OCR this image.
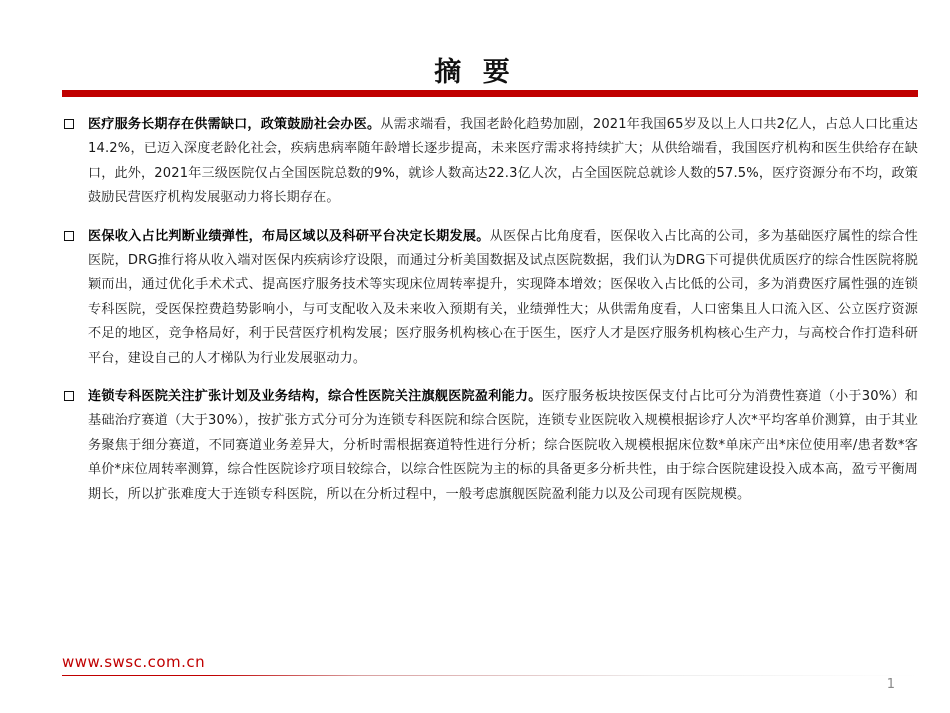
摘 要
医疗服务长期存在供需缺口，政策鼓励社会办医。从需求端看，我国老龄化趋势加剧，2021年我国65岁及以上人口共2亿人，占总人口比重达14.2%，已迈入深度老龄化社会，疾病患病率随年龄增长逐步提高，未来医疗需求将持续扩大；从供给端看，我国医疗机构和医生供给存在缺口，此外，2021年三级医院仅占全国医院总数的9%，就诊人数高达22.3亿人次，占全国医院总就诊人数的57.5%，医疗资源分布不均，政策鼓励民营医疗机构发展驱动力将长期存在。
医保收入占比判断业绩弹性，布局区域以及科研平台决定长期发展。从医保占比角度看，医保收入占比高的公司，多为基础医疗属性的综合性医院，DRG推行将从收入端对医保内疾病诊疗设限，而通过分析美国数据及试点医院数据，我们认为DRG下可提供优质医疗的综合性医院将脱颖而出，通过优化手术术式、提高医疗服务技术等实现床位周转率提升，实现降本增效；医保收入占比低的公司，多为消费医疗属性强的连锁专科医院，受医保控费趋势影响小，与可支配收入及未来收入预期有关，业绩弹性大；从供需角度看，人口密集且人口流入区、公立医疗资源不足的地区，竞争格局好，利于民营医疗机构发展；医疗服务机构核心在于医生，医疗人才是医疗服务机构核心生产力，与高校合作打造科研平台，建设自己的人才梯队为行业发展驱动力。
连锁专科医院关注扩张计划及业务结构，综合性医院关注旗舰医院盈利能力。医疗服务板块按医保支付占比可分为消费性赛道（小于30%）和基础治疗赛道（大于30%），按扩张方式分可分为连锁专科医院和综合医院，连锁专业医院收入规模根据诊疗人次*平均客单价测算，由于其业务聚焦于细分赛道，不同赛道业务差异大，分析时需根据赛道特性进行分析；综合医院收入规模根据床位数*单床产出*床位使用率/患者数*客单价*床位周转率测算，综合性医院诊疗项目较综合，以综合性医院为主的标的具备更多分析共性，由于综合医院建设投入成本高，盈亏平衡周期长，所以扩张难度大于连锁专科医院，所以在分析过程中，一般考虑旗舰医院盈利能力以及公司现有医院规模。
www.swsc.com.cn
1
